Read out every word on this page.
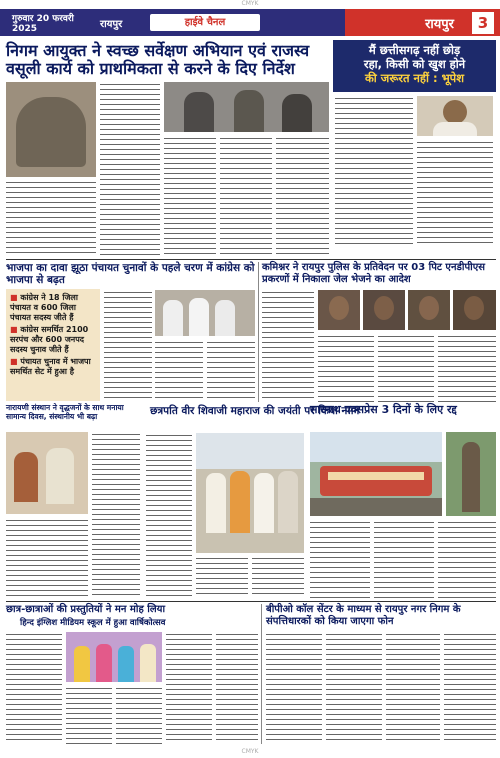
CMYK
गुरुवार 20 फरवरी 2025	रायपुर	हाईवे चैनल	रायपुर	3
निगम आयुक्त ने स्वच्छ सर्वेक्षण अभियान एवं राजस्व वसूली कार्य को प्राथमिकता से करने के दिए निर्देश
मैं छत्तीसगढ़ नहीं छोड़
रहा, किसी को खुश होने
की जरूरत नहीं : भूपेश
भाजपा का दावा झूठा पंचायत चुनावों के पहले चरण में कांग्रेस को भाजपा से बढ़त
■ कांग्रेस ने 18 जिला पंचायत व 600 जिला पंचायत सदस्य जीते हैं
■ कांग्रेस समर्थित 2100 सरपंच और 600 जनपद सदस्य चुनाव जीते हैं
■ पंचायत चुनाव में भाजपा समर्थित सेट में हुआ है
कमिश्नर ने रायपुर पुलिस के प्रतिवेदन पर 03 पिट एनडीपीएस प्रकरणों में निकाला जेल भेजने का आदेश
नारायणी संस्थान ने वृद्धजनों के साथ मनाया सामान्य दिवस, संस्थानीय भी बढ़ा	छत्रपति वीर शिवाजी महाराज की जयंती पर किया नमन
सारनाथ एक्सप्रेस 3 दिनों के लिए रद्द
छात्र-छात्राओं की प्रस्तुतियों ने मन मोह लिया
हिन्द इंग्लिश मीडियम स्कूल में हुआ वार्षिकोत्सव
बीपीओ कॉल सेंटर के माध्यम से रायपुर नगर निगम के संपत्तिधारकों को किया जाएगा फोन
CMYK
